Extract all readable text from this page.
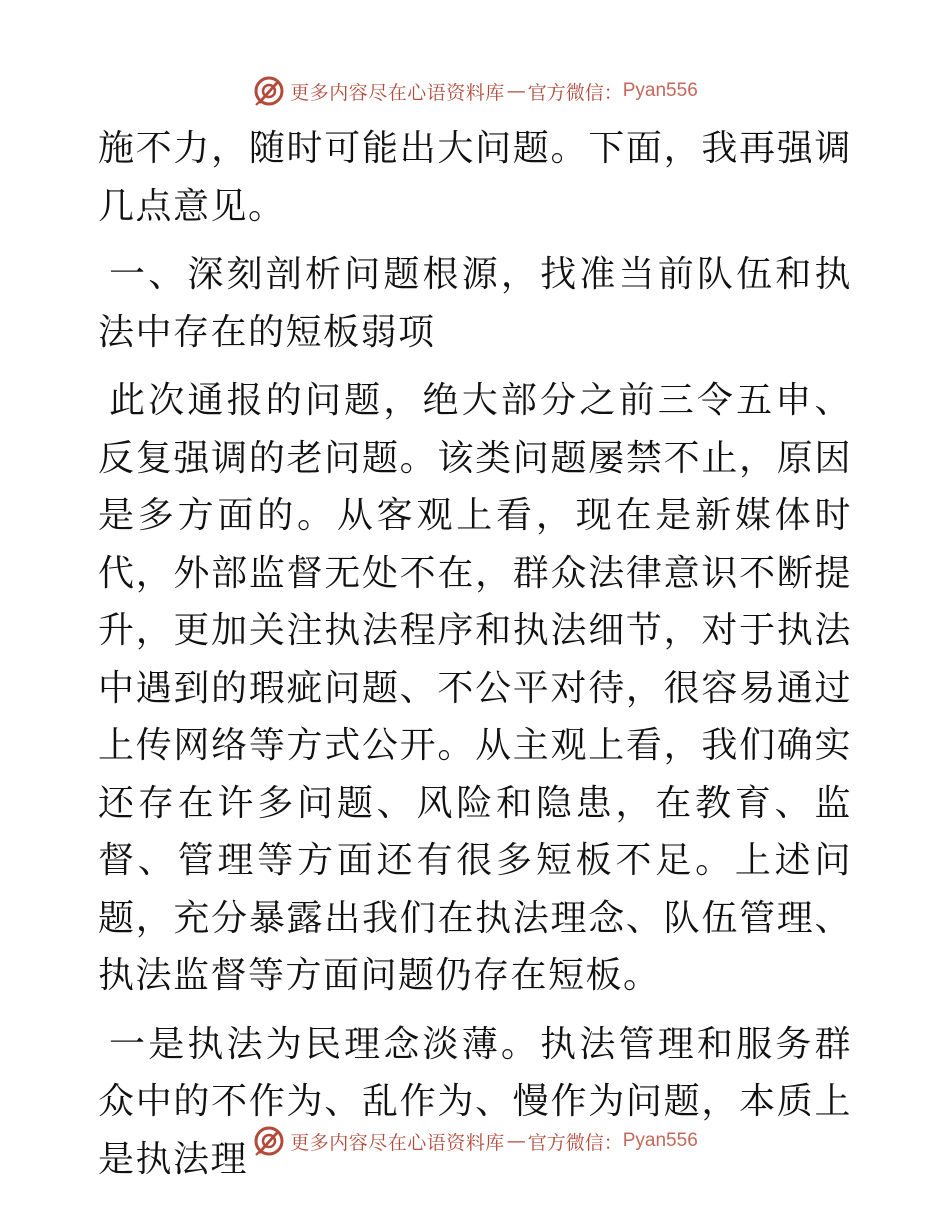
更多内容尽在心语资料库 — 官方微信： Pyan556

施不力，随时可能出大问题。下面，我再强调几点意见。

一、深刻剖析问题根源，找准当前队伍和执法中存在的短板弱项

此次通报的问题，绝大部分之前三令五申、反复强调的老问题。该类问题屡禁不止，原因是多方面的。从客观上看，现在是新媒体时代，外部监督无处不在，群众法律意识不断提升，更加关注执法程序和执法细节，对于执法中遇到的瑕疵问题、不公平对待，很容易通过上传网络等方式公开。从主观上看，我们确实还存在许多问题、风险和隐患，在教育、监督、管理等方面还有很多短板不足。上述问题，充分暴露出我们在执法理念、队伍管理、执法监督等方面问题仍存在短板。

一是执法为民理念淡薄。执法管理和服务群众中的不作为、乱作为、慢作为问题，本质上是执法理	更多内容尽在心语资料库 — 官方微信： Pyan556
